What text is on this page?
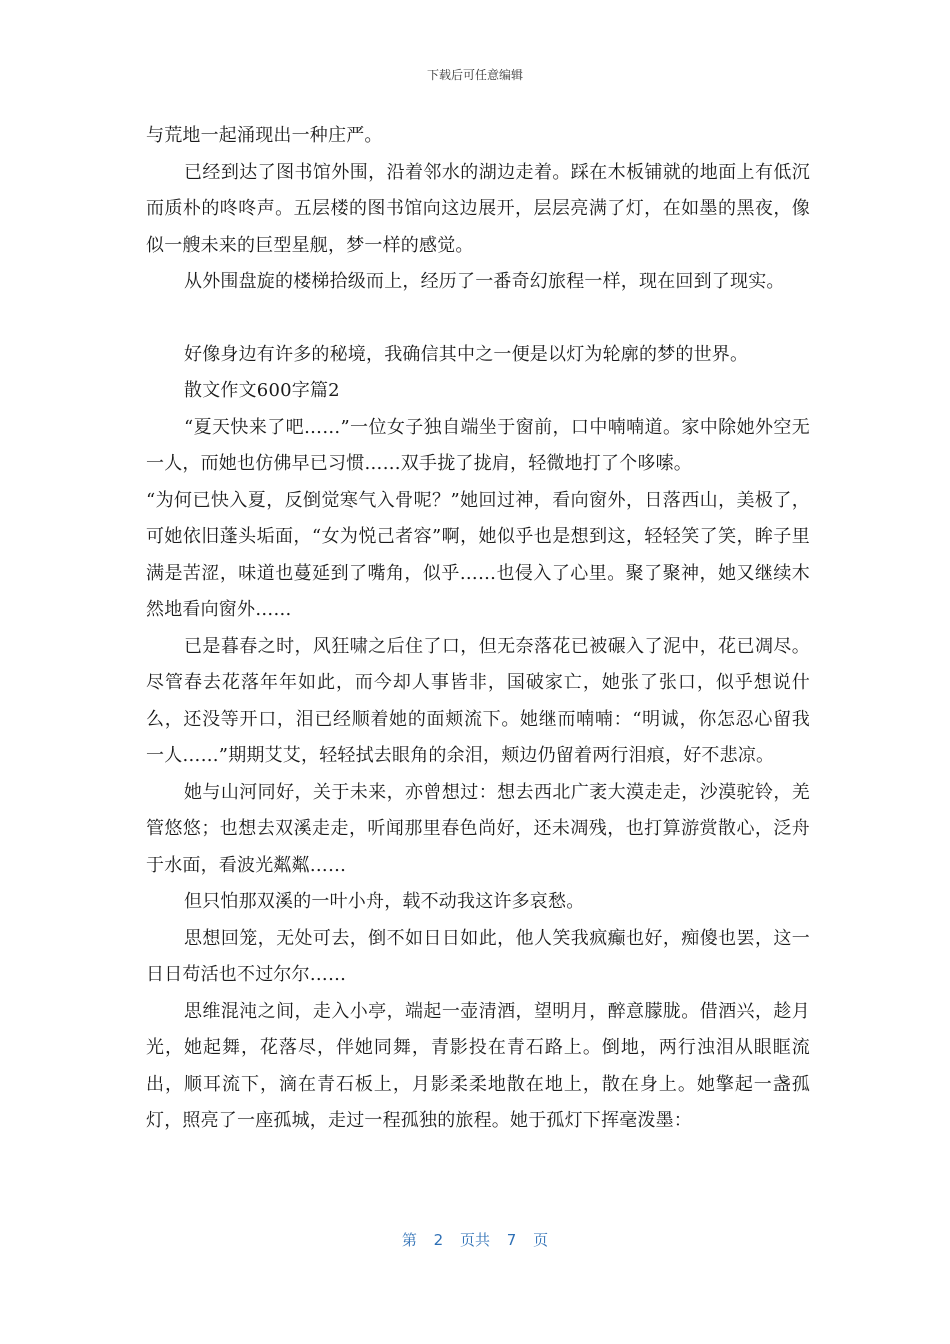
下载后可任意编辑

与荒地一起涌现出一种庄严。

已经到达了图书馆外围，沿着邻水的湖边走着。踩在木板铺就的地面上有低沉而质朴的咚咚声。五层楼的图书馆向这边展开，层层亮满了灯，在如墨的黑夜，像似一艘未来的巨型星舰，梦一样的感觉。

从外围盘旋的楼梯拾级而上，经历了一番奇幻旅程一样，现在回到了现实。

好像身边有许多的秘境，我确信其中之一便是以灯为轮廓的梦的世界。

散文作文600字篇2

“夏天快来了吧……”一位女子独自端坐于窗前，口中喃喃道。家中除她外空无一人，而她也仿佛早已习惯……双手拢了拢肩，轻微地打了个哆嗦。

“为何已快入夏，反倒觉寒气入骨呢？”她回过神，看向窗外，日落西山，美极了，可她依旧蓬头垢面，“女为悦己者容”啊，她似乎也是想到这，轻轻笑了笑，眸子里满是苦涩，味道也蔓延到了嘴角，似乎……也侵入了心里。聚了聚神，她又继续木然地看向窗外……

已是暮春之时，风狂啸之后住了口，但无奈落花已被碾入了泥中，花已凋尽。尽管春去花落年年如此，而今却人事皆非，国破家亡，她张了张口，似乎想说什么，还没等开口，泪已经顺着她的面颊流下。她继而喃喃：“明诚，你怎忍心留我一人……”期期艾艾，轻轻拭去眼角的余泪，颊边仍留着两行泪痕，好不悲凉。

她与山河同好，关于未来，亦曾想过：想去西北广袤大漠走走，沙漠驼铃，羌管悠悠；也想去双溪走走，听闻那里春色尚好，还未凋残，也打算游赏散心，泛舟于水面，看波光粼粼……

但只怕那双溪的一叶小舟，载不动我这许多哀愁。

思想回笼，无处可去，倒不如日日如此，他人笑我疯癫也好，痴傻也罢，这一日日苟活也不过尔尔……

思维混沌之间，走入小亭，端起一壶清酒，望明月，醉意朦胧。借酒兴，趁月光，她起舞，花落尽，伴她同舞，青影投在青石路上。倒地，两行浊泪从眼眶流出，顺耳流下，滴在青石板上，月影柔柔地散在地上，散在身上。她擎起一盏孤灯，照亮了一座孤城，走过一程孤独的旅程。她于孤灯下挥毫泼墨：

第 2 页共 7 页
